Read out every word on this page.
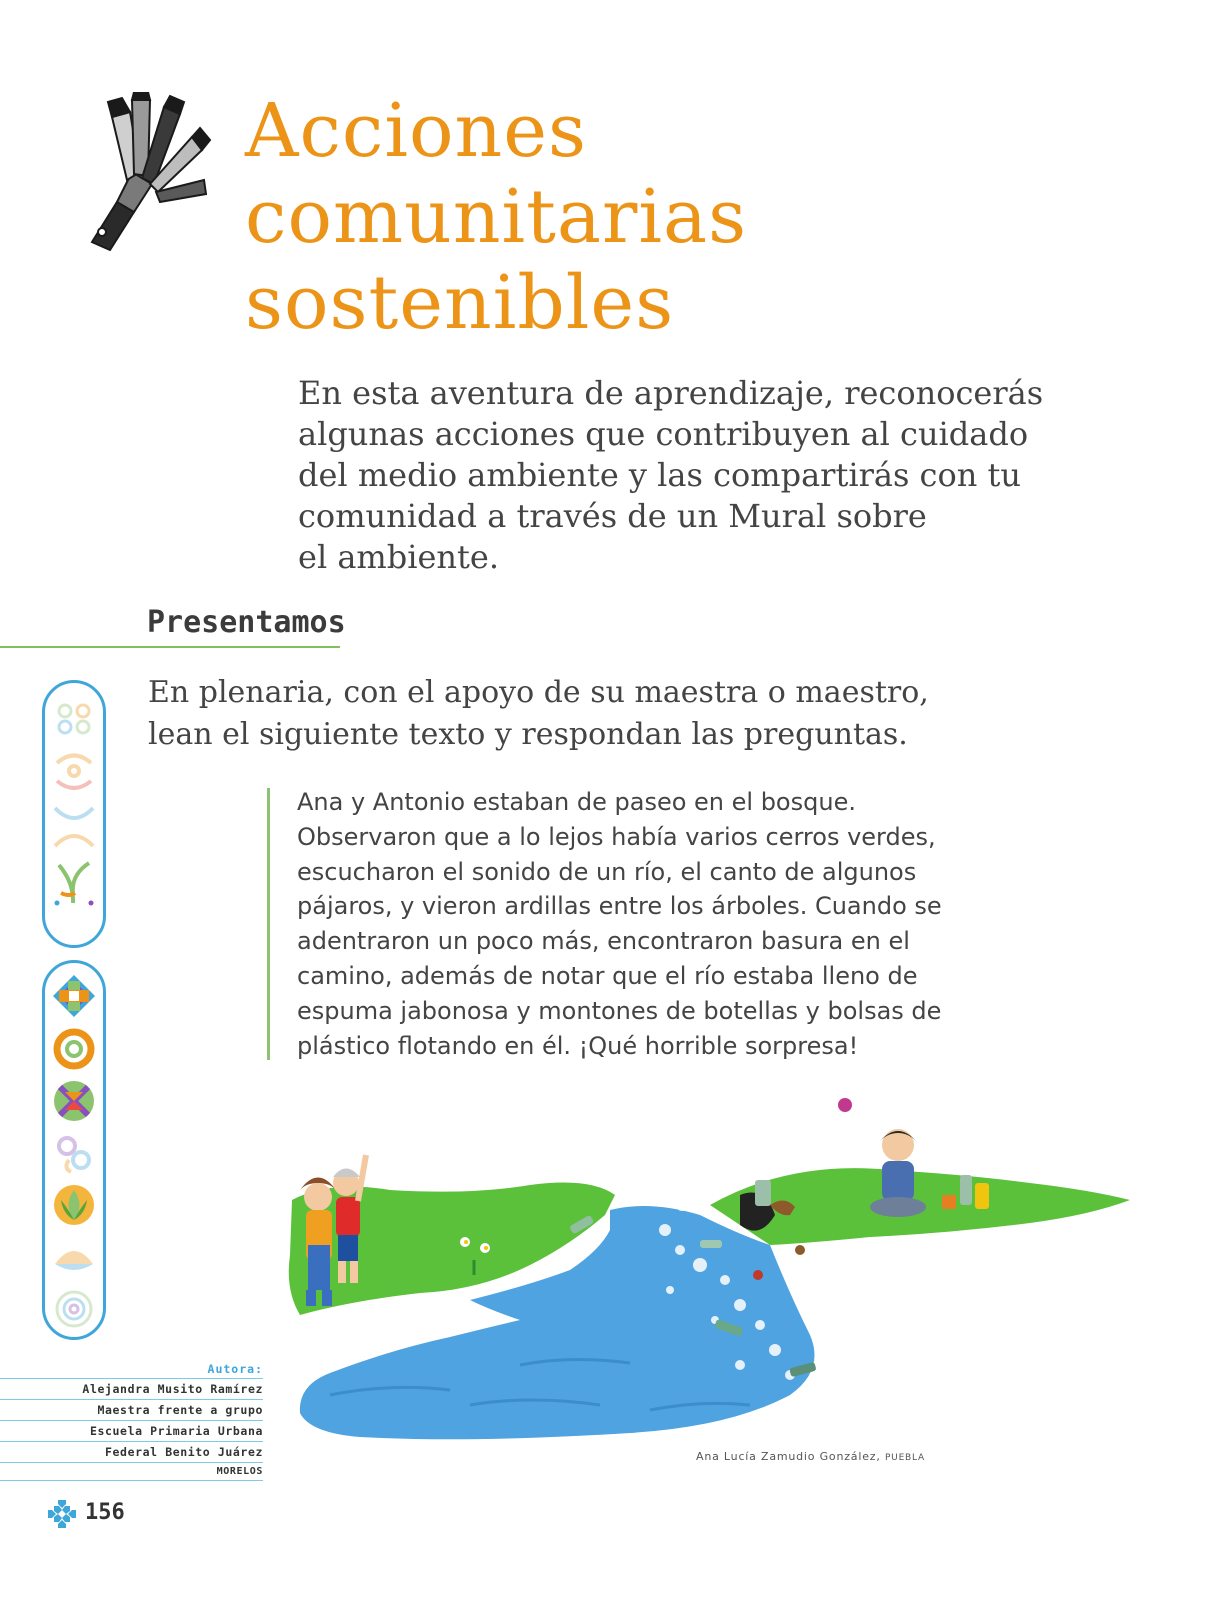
Acciones
comunitarias
sostenibles
En esta aventura de aprendizaje, reconocerás
algunas acciones que contribuyen al cuidado
del medio ambiente y las compartirás con tu
comunidad a través de un Mural sobre
el ambiente.
Presentamos
En plenaria, con el apoyo de su maestra o maestro,
lean el siguiente texto y respondan las preguntas.
Ana y Antonio estaban de paseo en el bosque.
Observaron que a lo lejos había varios cerros verdes,
escucharon el sonido de un río, el canto de algunos
pájaros, y vieron ardillas entre los árboles. Cuando se
adentraron un poco más, encontraron basura en el
camino, además de notar que el río estaba lleno de
espuma jabonosa y montones de botellas y bolsas de
plástico flotando en él. ¡Qué horrible sorpresa!
Autora:
Alejandra Musito Ramírez
Maestra frente a grupo
Escuela Primaria Urbana
Federal Benito Juárez
MORELOS
156
Ana Lucía Zamudio González, PUEBLA
